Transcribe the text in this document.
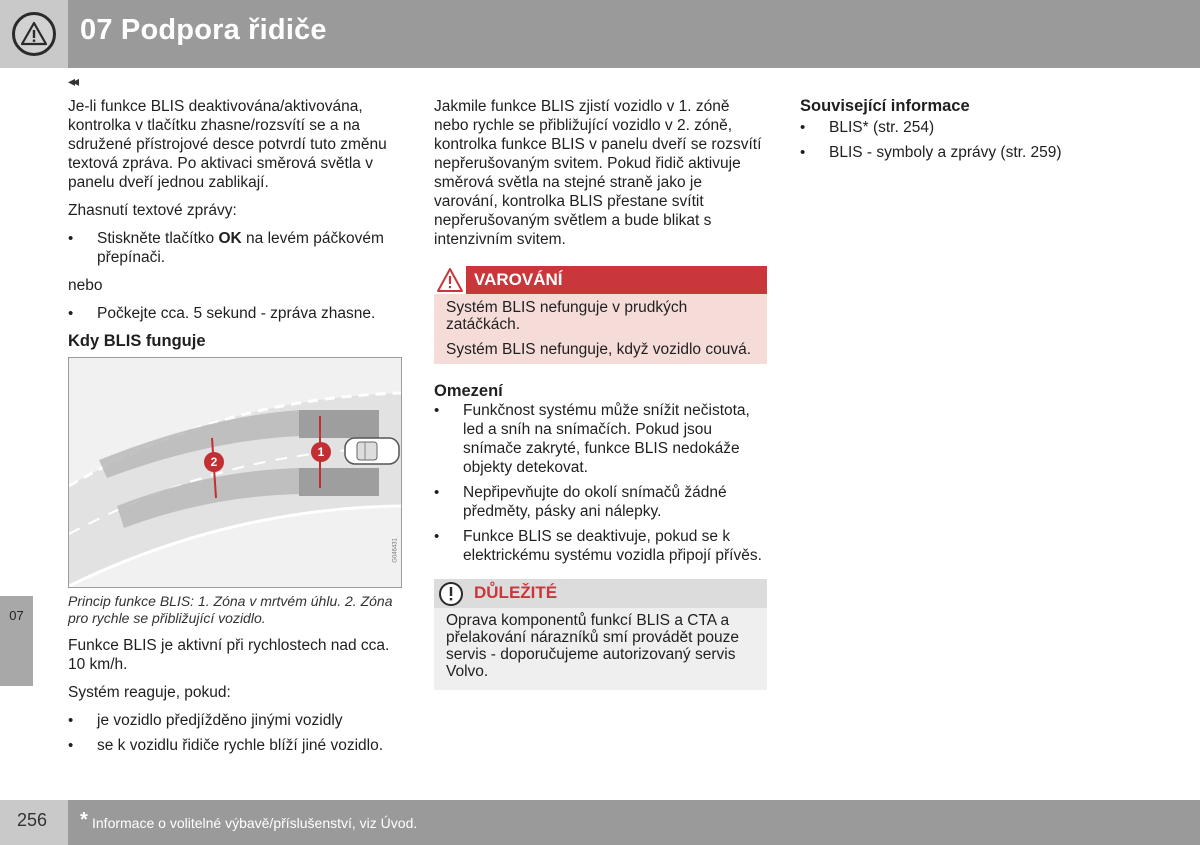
07 Podpora řidiče
◂◂
07

Je-li funkce BLIS deaktivována/aktivována, kontrolka v tlačítku zhasne/rozsvítí se a na sdružené přístrojové desce potvrdí tuto změnu textová zpráva. Po aktivaci směrová světla v panelu dveří jednou zablikají.

Zhasnutí textové zprávy:

• Stiskněte tlačítko OK na levém páčkovém přepínači.

nebo

• Počkejte cca. 5 sekund - zpráva zhasne.
Kdy BLIS funguje
1
2
G046431
Princip funkce BLIS: 1. Zóna v mrtvém úhlu. 2. Zóna pro rychle se přibližující vozidlo.

Funkce BLIS je aktivní při rychlostech nad cca. 10 km/h.

Systém reaguje, pokud:

• je vozidlo předjížděno jinými vozidly
• se k vozidlu řidiče rychle blíží jiné vozidlo.

Jakmile funkce BLIS zjistí vozidlo v 1. zóně nebo rychle se přibližující vozidlo v 2. zóně, kontrolka funkce BLIS v panelu dveří se rozsvítí nepřerušovaným svitem. Pokud řidič aktivuje směrová světla na stejné straně jako je varování, kontrolka BLIS přestane svítit nepřerušovaným světlem a bude blikat s intenzivním svitem.

VAROVÁNÍ

Systém BLIS nefunguje v prudkých zatáčkách.

Systém BLIS nefunguje, když vozidlo couvá.

Omezení
• Funkčnost systému může snížit nečistota, led a sníh na snímačích. Pokud jsou snímače zakryté, funkce BLIS nedokáže objekty detekovat.
• Nepřipevňujte do okolí snímačů žádné předměty, pásky ani nálepky.
• Funkce BLIS se deaktivuje, pokud se k elektrickému systému vozidla připojí přívěs.
DŮLEŽITÉ
Oprava komponentů funkcí BLIS a CTA a přelakování nárazníků smí provádět pouze servis - doporučujeme autorizovaný servis Volvo.
Související informace
• BLIS* (str. 254)
• BLIS - symboly a zprávy (str. 259)
256 * Informace o volitelné výbavě/příslušenství, viz Úvod.
